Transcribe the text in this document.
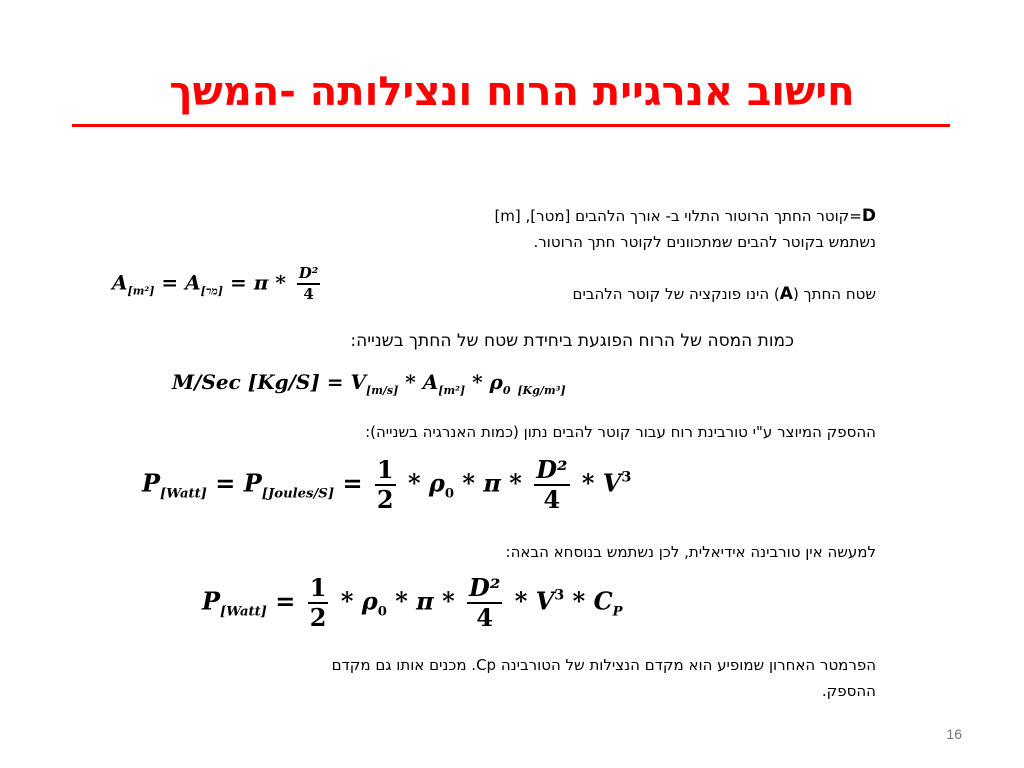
חישוב אנרגיית הרוח ונצילותה -המשך
D=קוטר החתך הרוטור התלוי ב- אורך הלהבים [מטר], [m]
נשתמש בקוטר להבים שמתכוונים לקוטר חתך הרוטור.
שטח החתך (A) הינו פונקציה של קוטר הלהבים
$A_{[m^2]} = A_{[מר]} = \pi * \frac{\text{D²}}{4}$
כמות המסה של הרוח הפוגעת ביחידת שטח של החתך בשנייה:
M/Sec $[Kg/S] = V_{[m/s]} * A_{[m^2]} * \rho_0$ $_{[Kg/m^3]}$
ההספק המיוצר ע"י טורבינת רוח עבור קוטר להבים נתון (כמות האנרגיה בשנייה):
$P_{[Watt]} = P_{[Joules/S]} = \frac{1}{2} * \rho_0 * \pi * \frac{\text{D²}}{4} * V^3$
למעשה אין טורבינה אידיאלית, לכן נשתמש בנוסחא הבאה:
$P_{[Watt]} = \frac{1}{2} * \rho_0 * \pi * \frac{\text{D²}}{4} * V^3 * C_P$
הפרמטר האחרון שמופיע הוא מקדם הנצילות של הטורבינה Cp. מכנים אותו גם מקדם
ההספק.
16
